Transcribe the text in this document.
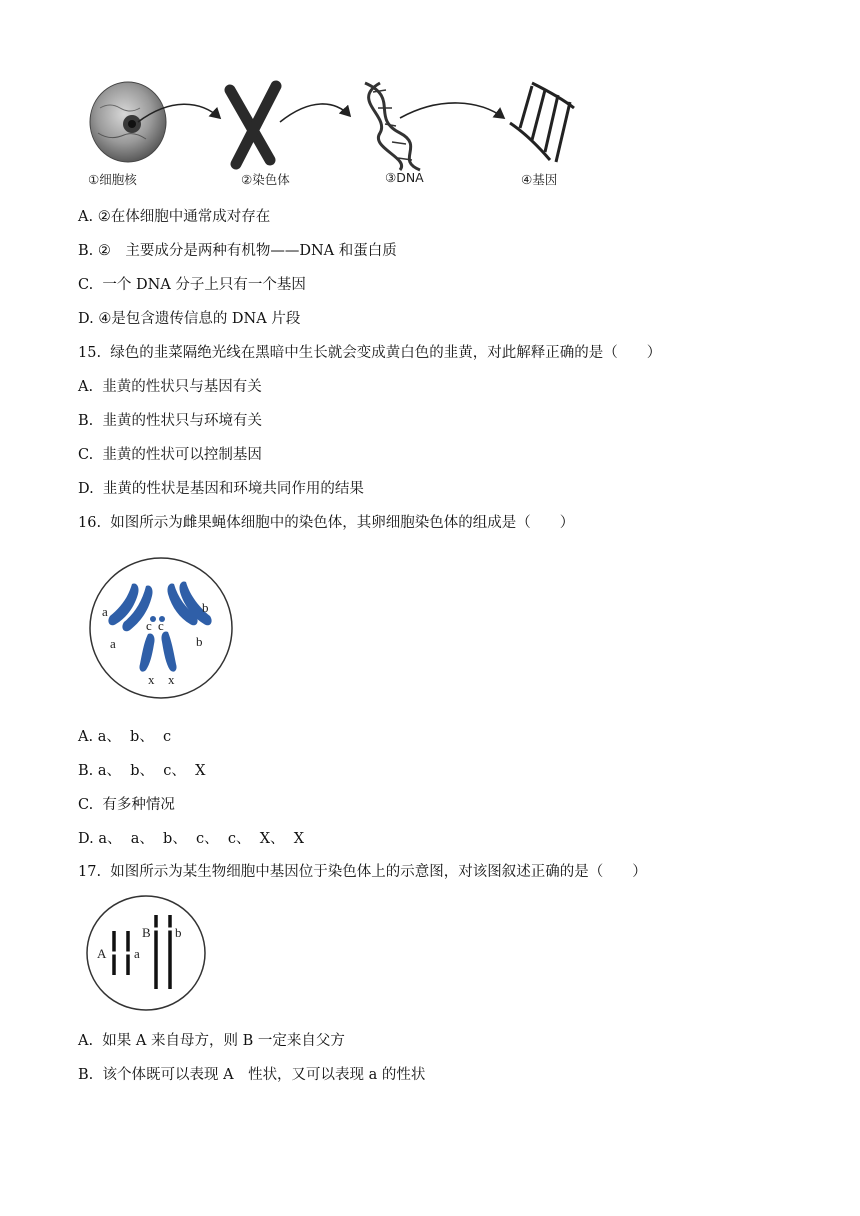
①细胞核	②染色体	③DNA	④基因
A. ②在体细胞中通常成对存在
B. ②　主要成分是两种有机物——DNA 和蛋白质
C.  一个 DNA 分子上只有一个基因
D. ④是包含遗传信息的 DNA 片段
15.  绿色的韭菜隔绝光线在黑暗中生长就会变成黄白色的韭黄，对此解释正确的是（　　）
A.  韭黄的性状只与基因有关
B.  韭黄的性状只与环境有关
C.  韭黄的性状可以控制基因
D.  韭黄的性状是基因和环境共同作用的结果
16.  如图所示为雌果蝇体细胞中的染色体，其卵细胞染色体的组成是（　　）
a
a
b
b
c c
x x
A. a、  b、  c
B. a、  b、  c、  X
C.  有多种情况
D. a、  a、  b、  c、  c、  X、  X
17.  如图所示为某生物细胞中基因位于染色体上的示意图，对该图叙述正确的是（　　）
A a
B b
A.  如果 A 来自母方，则 B 一定来自父方
B.  该个体既可以表现 A　性状，又可以表现 a 的性状
